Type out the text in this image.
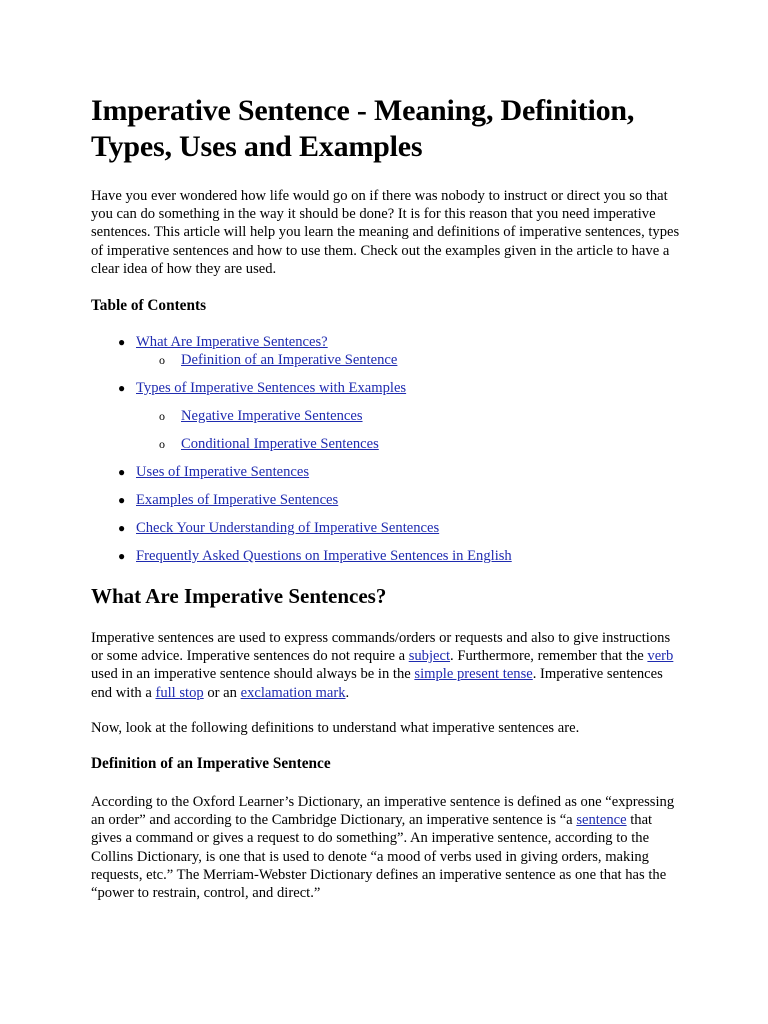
Imperative Sentence - Meaning, Definition, Types, Uses and Examples

Have you ever wondered how life would go on if there was nobody to instruct or direct you so that you can do something in the way it should be done? It is for this reason that you need imperative sentences. This article will help you learn the meaning and definitions of imperative sentences, types of imperative sentences and how to use them. Check out the examples given in the article to have a clear idea of how they are used.

Table of Contents
● What Are Imperative Sentences?
o Definition of an Imperative Sentence
● Types of Imperative Sentences with Examples
o Negative Imperative Sentences
o Conditional Imperative Sentences
● Uses of Imperative Sentences
● Examples of Imperative Sentences
● Check Your Understanding of Imperative Sentences
● Frequently Asked Questions on Imperative Sentences in English
What Are Imperative Sentences?

Imperative sentences are used to express commands/orders or requests and also to give instructions or some advice. Imperative sentences do not require a subject. Furthermore, remember that the verb used in an imperative sentence should always be in the simple present tense. Imperative sentences end with a full stop or an exclamation mark.

Now, look at the following definitions to understand what imperative sentences are.

Definition of an Imperative Sentence

According to the Oxford Learner’s Dictionary, an imperative sentence is defined as one “expressing an order” and according to the Cambridge Dictionary, an imperative sentence is “a sentence that gives a command or gives a request to do something”. An imperative sentence, according to the Collins Dictionary, is one that is used to denote “a mood of verbs used in giving orders, making requests, etc.” The Merriam-Webster Dictionary defines an imperative sentence as one that has the “power to restrain, control, and direct.”
